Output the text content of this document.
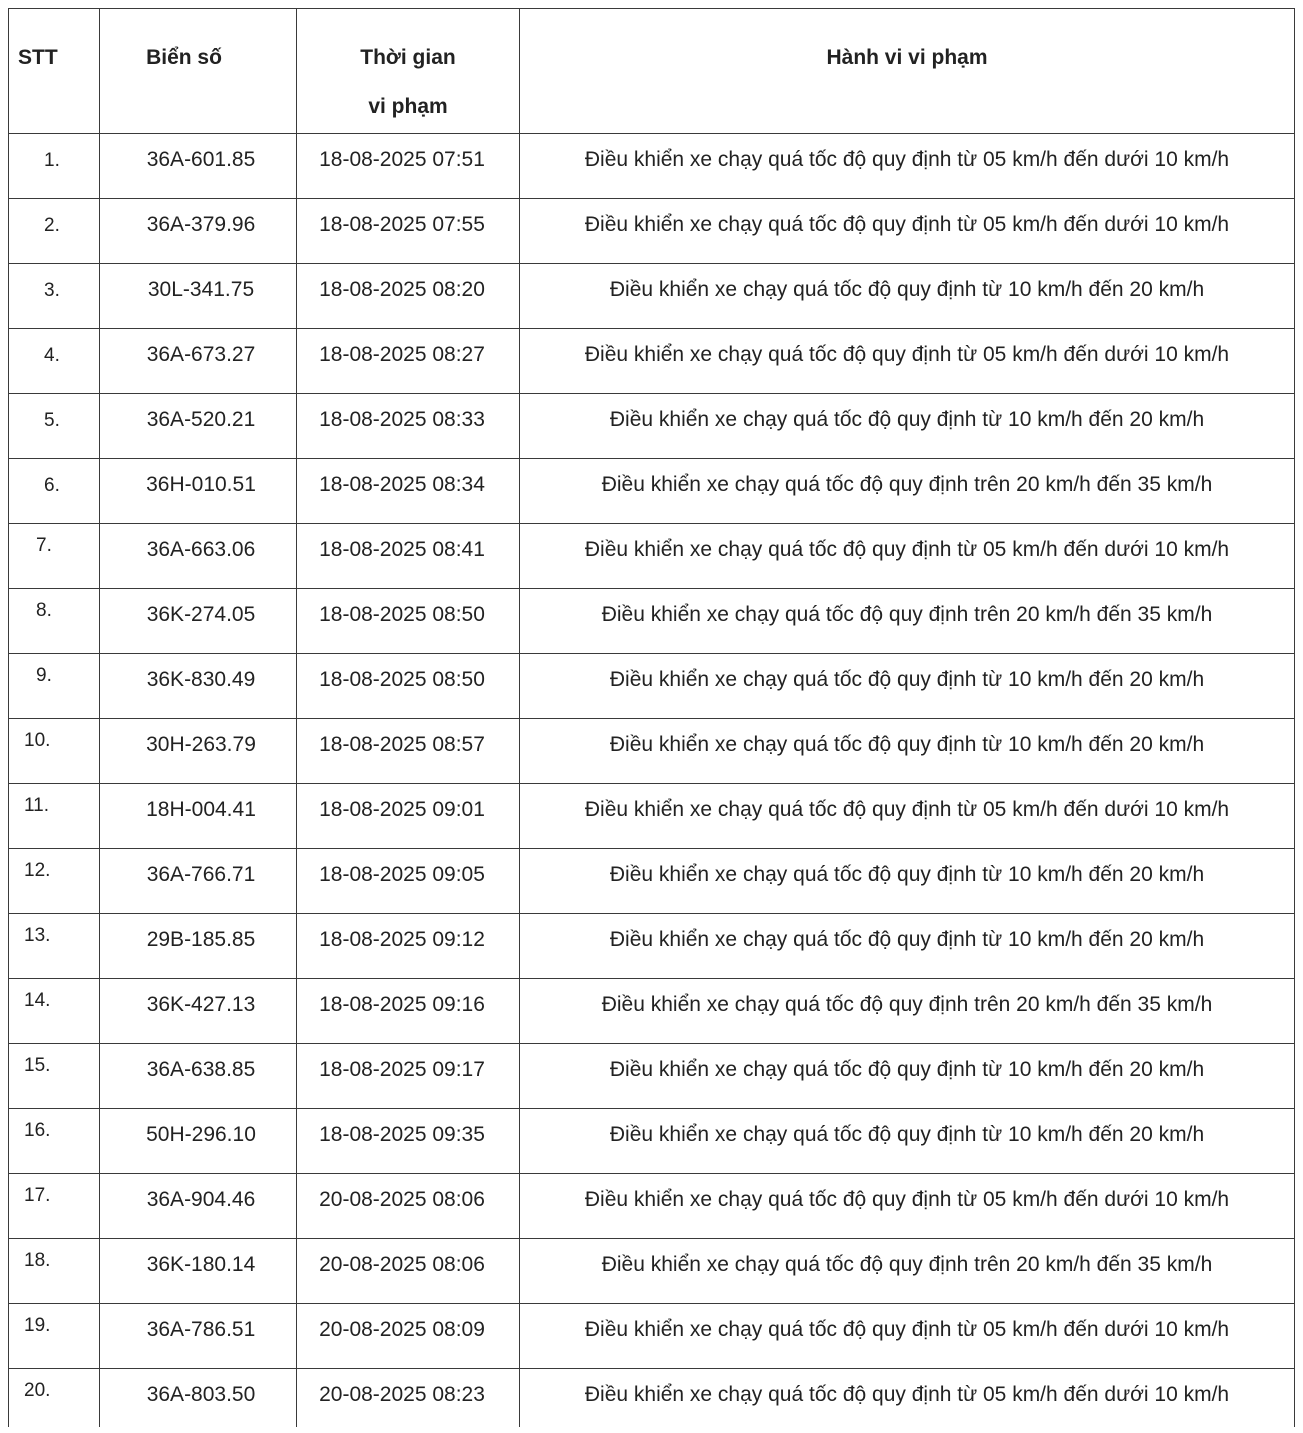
STT	Biển số	Thời gian
vi phạm	Hành vi vi phạm

1.	36A-601.85	18-08-2025 07:51	Điều khiển xe chạy quá tốc độ quy định từ 05 km/h đến dưới 10 km/h

2.	36A-379.96	18-08-2025 07:55	Điều khiển xe chạy quá tốc độ quy định từ 05 km/h đến dưới 10 km/h

3.	30L-341.75	18-08-2025 08:20	Điều khiển xe chạy quá tốc độ quy định từ 10 km/h đến 20 km/h

4.	36A-673.27	18-08-2025 08:27	Điều khiển xe chạy quá tốc độ quy định từ 05 km/h đến dưới 10 km/h

5.	36A-520.21	18-08-2025 08:33	Điều khiển xe chạy quá tốc độ quy định từ 10 km/h đến 20 km/h

6.	36H-010.51	18-08-2025 08:34	Điều khiển xe chạy quá tốc độ quy định trên 20 km/h đến 35 km/h

7.	36A-663.06	18-08-2025 08:41	Điều khiển xe chạy quá tốc độ quy định từ 05 km/h đến dưới 10 km/h

8.	36K-274.05	18-08-2025 08:50	Điều khiển xe chạy quá tốc độ quy định trên 20 km/h đến 35 km/h

9.	36K-830.49	18-08-2025 08:50	Điều khiển xe chạy quá tốc độ quy định từ 10 km/h đến 20 km/h

10.	30H-263.79	18-08-2025 08:57	Điều khiển xe chạy quá tốc độ quy định từ 10 km/h đến 20 km/h

11.	18H-004.41	18-08-2025 09:01	Điều khiển xe chạy quá tốc độ quy định từ 05 km/h đến dưới 10 km/h

12.	36A-766.71	18-08-2025 09:05	Điều khiển xe chạy quá tốc độ quy định từ 10 km/h đến 20 km/h

13.	29B-185.85	18-08-2025 09:12	Điều khiển xe chạy quá tốc độ quy định từ 10 km/h đến 20 km/h

14.	36K-427.13	18-08-2025 09:16	Điều khiển xe chạy quá tốc độ quy định trên 20 km/h đến 35 km/h

15.	36A-638.85	18-08-2025 09:17	Điều khiển xe chạy quá tốc độ quy định từ 10 km/h đến 20 km/h

16.	50H-296.10	18-08-2025 09:35	Điều khiển xe chạy quá tốc độ quy định từ 10 km/h đến 20 km/h

17.	36A-904.46	20-08-2025 08:06	Điều khiển xe chạy quá tốc độ quy định từ 05 km/h đến dưới 10 km/h

18.	36K-180.14	20-08-2025 08:06	Điều khiển xe chạy quá tốc độ quy định trên 20 km/h đến 35 km/h

19.	36A-786.51	20-08-2025 08:09	Điều khiển xe chạy quá tốc độ quy định từ 05 km/h đến dưới 10 km/h

20.	36A-803.50	20-08-2025 08:23	Điều khiển xe chạy quá tốc độ quy định từ 05 km/h đến dưới 10 km/h
